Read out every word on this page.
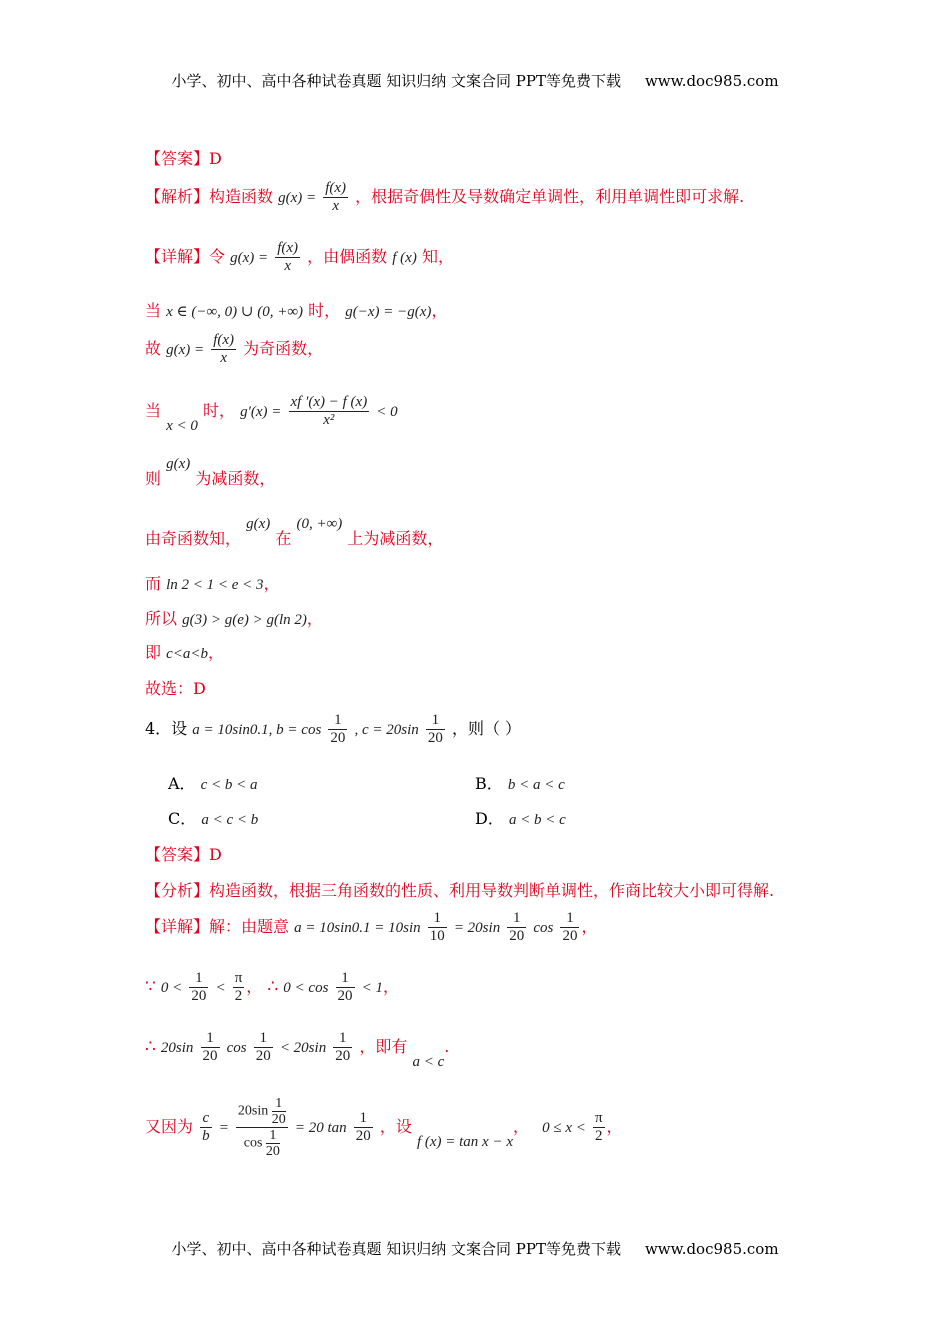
小学、初中、高中各种试卷真题 知识归纳 文案合同 PPT等免费下载 www.doc985.com
【答案】D
【解析】构造函数 $g(x) = \frac{f(x)}{x}$ ，根据奇偶性及导数确定单调性，利用单调性即可求解.
【详解】令 $g(x) = \frac{f(x)}{x}$ ，由偶函数 f (x) 知，
当 x ∈ (−∞, 0) ∪ (0, +∞) 时， g(−x) = −g(x)，
故 $g(x) = \frac{f(x)}{x}$ 为奇函数，
当 x < 0 时， $g'(x) = \frac{xf '(x) - f (x)}{\text{x²}} < 0$
则 g(x) 为减函数，
由奇函数知， g(x) 在 (0, +∞) 上为减函数，
而 ln 2 < 1 < e < 3，
所以 g(3) > g(e) > g(ln 2)，
即 c<a<b，
故选：D
4．设 a = 10sin0.1, $b = \cos \frac{1}{20}$ , $c = 20\sin \frac{1}{20}$ ，则（ ）
A． c < b < a	B． b < a < c
C． a < c < b	D． a < b < c
【答案】D
【分析】构造函数，根据三角函数的性质、利用导数判断单调性，作商比较大小即可得解.
【详解】解：由题意 $a = 10\sin 0.1 = 10\sin \frac{1}{10} = 20\sin \frac{1}{20}$ $\cos \frac{1}{20}$ ，
∵ $0 < \frac{1}{20} < \frac{\pi}{2}$ ， ∴ $0 < \cos \frac{1}{20} < 1$，
∴ $20\sin \frac{1}{20}$ $\cos \frac{1}{20} < 20\sin \frac{1}{20}$ ，即有 a < c.
又因为 $\frac{c}{b} = \frac{20\sin \frac{1}{20}}{\cos \frac{1}{20}} = 20$ $\tan \frac{1}{20}$ ，设 f (x) = tan x − x， $0 \le x < \frac{\pi}{2}$ ，
小学、初中、高中各种试卷真题 知识归纳 文案合同 PPT等免费下载 www.doc985.com
